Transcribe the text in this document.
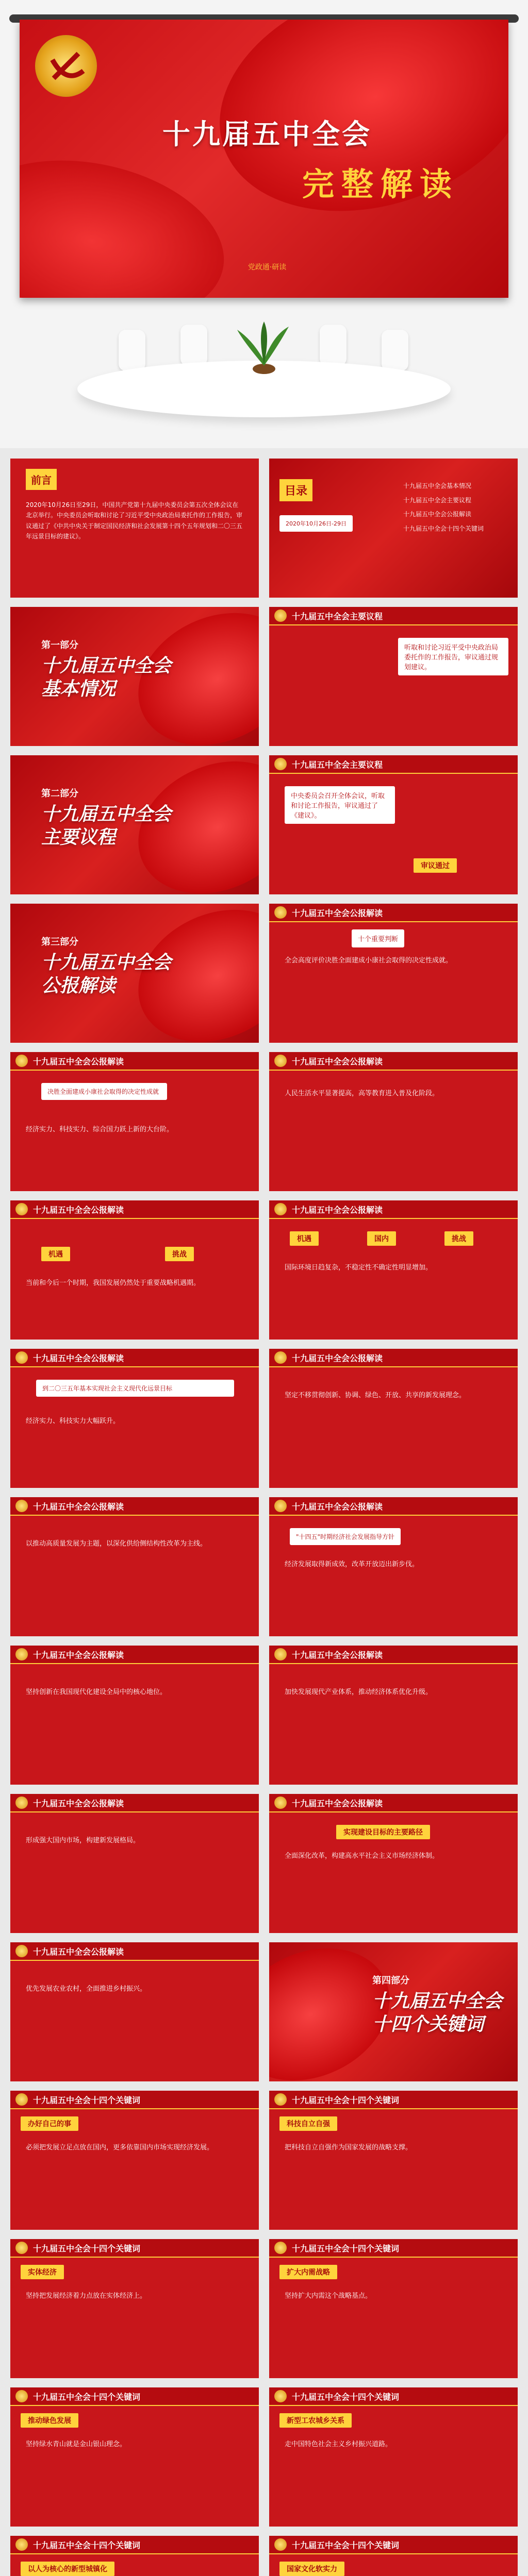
十九届五中全会
完整解读
党政通·研读
前言
2020年10月26日至29日，中国共产党第十九届中央委员会第五次全体会议在北京举行。中央委员会听取和讨论了习近平受中央政治局委托作的工作报告，审议通过了《中共中央关于制定国民经济和社会发展第十四个五年规划和二〇三五年远景目标的建议》。
目录
2020年10月26日-29日
十九届五中全会基本情况
十九届五中全会主要议程
十九届五中全会公报解读
十九届五中全会十四个关键词
第一部分
十九届五中全会基本情况
十九届五中全会主要议程
听取和讨论习近平受中央政治局委托作的工作报告，审议通过规划建议。
第二部分
十九届五中全会主要议程
十九届五中全会主要议程
中央委员会召开全体会议，听取和讨论工作报告，审议通过了《建议》。
审议通过
第三部分
十九届五中全会公报解读
十九届五中全会公报解读
十个重要判断
全会高度评价决胜全面建成小康社会取得的决定性成就。
十九届五中全会公报解读
决胜全面建成小康社会取得的决定性成就
经济实力、科技实力、综合国力跃上新的大台阶。
十九届五中全会公报解读
人民生活水平显著提高，高等教育进入普及化阶段。
十九届五中全会公报解读
机遇	挑战
当前和今后一个时期，我国发展仍然处于重要战略机遇期。
十九届五中全会公报解读
机遇	国内	挑战
国际环境日趋复杂，不稳定性不确定性明显增加。
十九届五中全会公报解读
到二〇三五年基本实现社会主义现代化远景目标
经济实力、科技实力大幅跃升。
十九届五中全会公报解读
坚定不移贯彻创新、协调、绿色、开放、共享的新发展理念。
十九届五中全会公报解读
以推动高质量发展为主题，以深化供给侧结构性改革为主线。
十九届五中全会公报解读
"十四五"时期经济社会发展指导方针
经济发展取得新成效，改革开放迈出新步伐。
十九届五中全会公报解读
坚持创新在我国现代化建设全局中的核心地位。
十九届五中全会公报解读
加快发展现代产业体系，推动经济体系优化升级。
十九届五中全会公报解读
形成强大国内市场，构建新发展格局。
十九届五中全会公报解读
实现建设目标的主要路径
全面深化改革，构建高水平社会主义市场经济体制。
十九届五中全会公报解读
优先发展农业农村，全面推进乡村振兴。
第四部分
十九届五中全会十四个关键词
十九届五中全会十四个关键词
办好自己的事
必须把发展立足点放在国内，更多依靠国内市场实现经济发展。
十九届五中全会十四个关键词
科技自立自强
把科技自立自强作为国家发展的战略支撑。
十九届五中全会十四个关键词
实体经济
坚持把发展经济着力点放在实体经济上。
十九届五中全会十四个关键词
扩大内需战略
坚持扩大内需这个战略基点。
十九届五中全会十四个关键词
推动绿色发展
坚持绿水青山就是金山银山理念。
十九届五中全会十四个关键词
新型工农城乡关系
走中国特色社会主义乡村振兴道路。
十九届五中全会十四个关键词
以人为核心的新型城镇化
十九届五中全会十四个关键词
国家文化软实力
